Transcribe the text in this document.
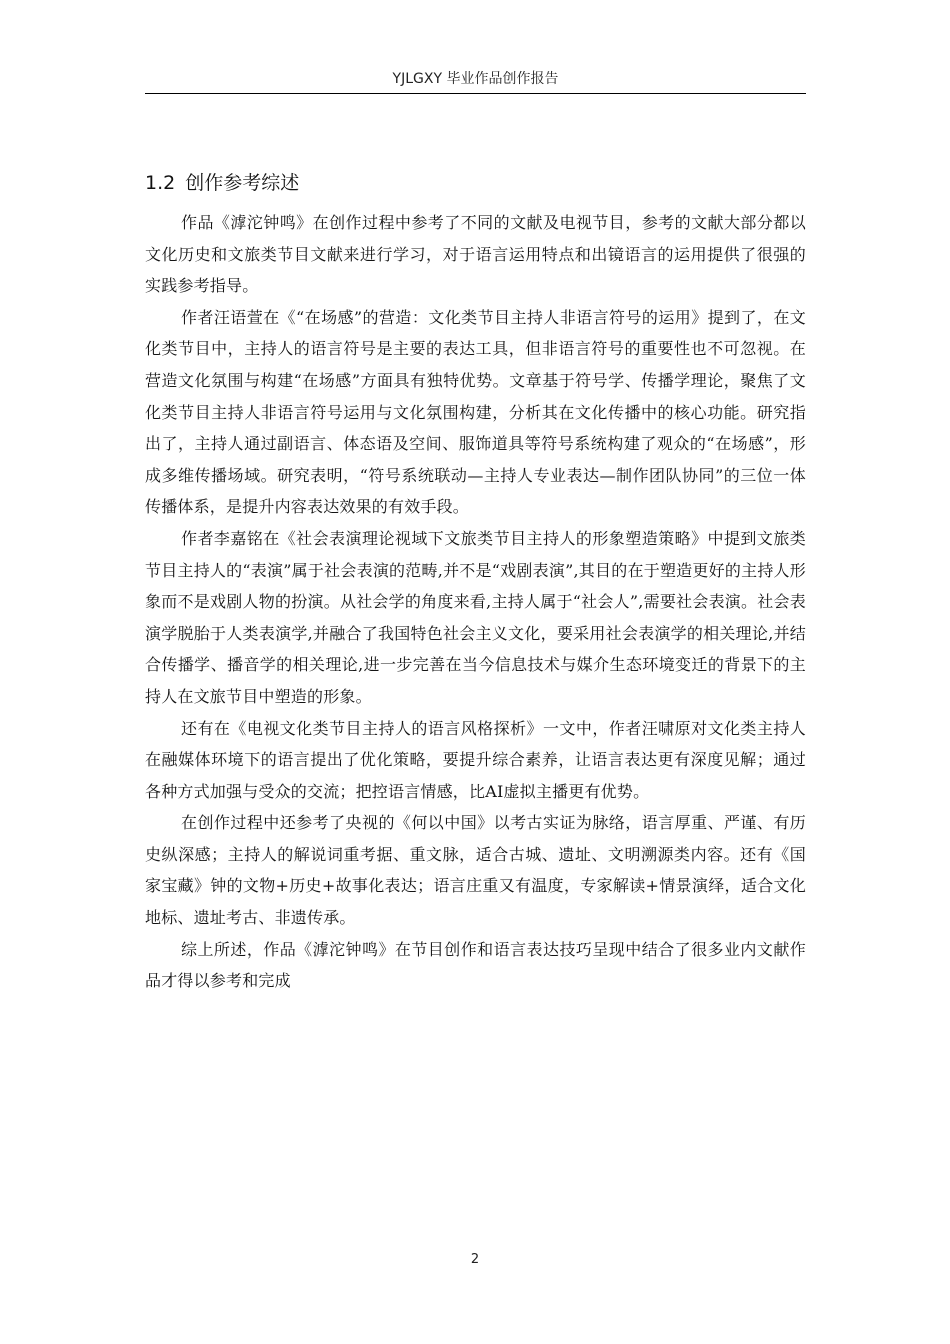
YJLGXY 毕业作品创作报告
1.2 创作参考综述

作品《滹沱钟鸣》在创作过程中参考了不同的文献及电视节目，参考的文献大部分都以文化历史和文旅类节目文献来进行学习，对于语言运用特点和出镜语言的运用提供了很强的实践参考指导。

作者汪语萱在《“在场感”的营造：文化类节目主持人非语言符号的运用》提到了，在文化类节目中，主持人的语言符号是主要的表达工具，但非语言符号的重要性也不可忽视。在营造文化氛围与构建“在场感”方面具有独特优势。文章基于符号学、传播学理论，聚焦了文化类节目主持人非语言符号运用与文化氛围构建，分析其在文化传播中的核心功能。研究指出了，主持人通过副语言、体态语及空间、服饰道具等符号系统构建了观众的“在场感”，形成多维传播场域。研究表明，“符号系统联动—主持人专业表达—制作团队协同”的三位一体传播体系，是提升内容表达效果的有效手段。

作者李嘉铭在《社会表演理论视域下文旅类节目主持人的形象塑造策略》中提到文旅类节目主持人的“表演”属于社会表演的范畴,并不是“戏剧表演”,其目的在于塑造更好的主持人形象而不是戏剧人物的扮演。从社会学的角度来看,主持人属于“社会人”,需要社会表演。社会表演学脱胎于人类表演学,并融合了我国特色社会主义文化，要采用社会表演学的相关理论,并结合传播学、播音学的相关理论,进一步完善在当今信息技术与媒介生态环境变迁的背景下的主持人在文旅节目中塑造的形象。

还有在《电视文化类节目主持人的语言风格探析》一文中，作者汪啸原对文化类主持人在融媒体环境下的语言提出了优化策略，要提升综合素养，让语言表达更有深度见解；通过各种方式加强与受众的交流；把控语言情感，比AI虚拟主播更有优势。

在创作过程中还参考了央视的《何以中国》以考古实证为脉络，语言厚重、严谨、有历史纵深感；主持人的解说词重考据、重文脉，适合古城、遗址、文明溯源类内容。还有《国家宝藏》钟的文物+历史+故事化表达；语言庄重又有温度，专家解读+情景演绎，适合文化地标、遗址考古、非遗传承。

综上所述，作品《滹沱钟鸣》在节目创作和语言表达技巧呈现中结合了很多业内文献作品才得以参考和完成

2
